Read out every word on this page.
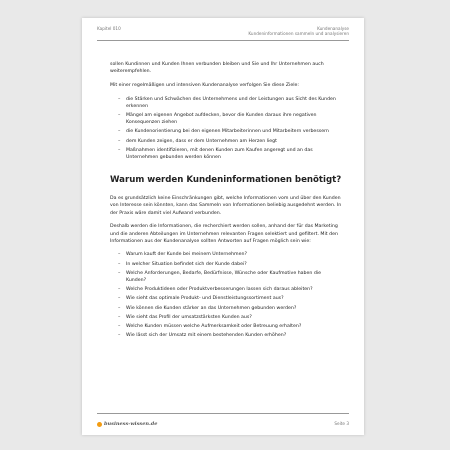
Kapitel 010	Kundenanalyse
Kundeninformationen sammeln und analysieren

sollen Kundinnen und Kunden Ihnen verbunden bleiben und Sie und Ihr Unternehmen auch weiterempfehlen.

Mit einer regelmäßigen und intensiven Kundenanalyse verfolgen Sie diese Ziele:

– die Stärken und Schwächen des Unternehmens und der Leistungen aus Sicht des Kunden erkennen
– Mängel am eigenen Angebot aufdecken, bevor die Kunden daraus ihre negativen Konsequenzen ziehen
– die Kundenorientierung bei den eigenen Mitarbeiterinnen und Mitarbeitern verbessern
– dem Kunden zeigen, dass er dem Unternehmen am Herzen liegt
– Maßnahmen identifizieren, mit denen Kunden zum Kaufen angeregt und an das Unternehmen gebunden werden können
Warum werden Kundeninformationen benötigt?

Da es grundsätzlich keine Einschränkungen gibt, welche Informationen vom und über den Kunden von Interesse sein könnten, kann das Sammeln von Informationen beliebig ausgedehnt werden. In der Praxis wäre damit viel Aufwand verbunden.

Deshalb werden die Informationen, die recherchiert werden sollen, anhand der für das Marketing und die anderen Abteilungen im Unternehmen relevanten Fragen selektiert und gefiltert. Mit den Informationen aus der Kundenanalyse sollten Antworten auf Fragen möglich sein wie:

– Warum kauft der Kunde bei meinem Unternehmen?
– In welcher Situation befindet sich der Kunde dabei?
– Welche Anforderungen, Bedarfe, Bedürfnisse, Wünsche oder Kaufmotive haben die Kunden?
– Welche Produktideen oder Produktverbesserungen lassen sich daraus ableiten?
– Wie sieht das optimale Produkt- und Dienstleistungssortiment aus?
– Wie können die Kunden stärker an das Unternehmen gebunden werden?
– Wie sieht das Profil der umsatzstärksten Kunden aus?
– Welche Kunden müssen welche Aufmerksamkeit oder Betreuung erhalten?
– Wie lässt sich der Umsatz mit einem bestehenden Kunden erhöhen?
business-wissen.de	Seite 3
